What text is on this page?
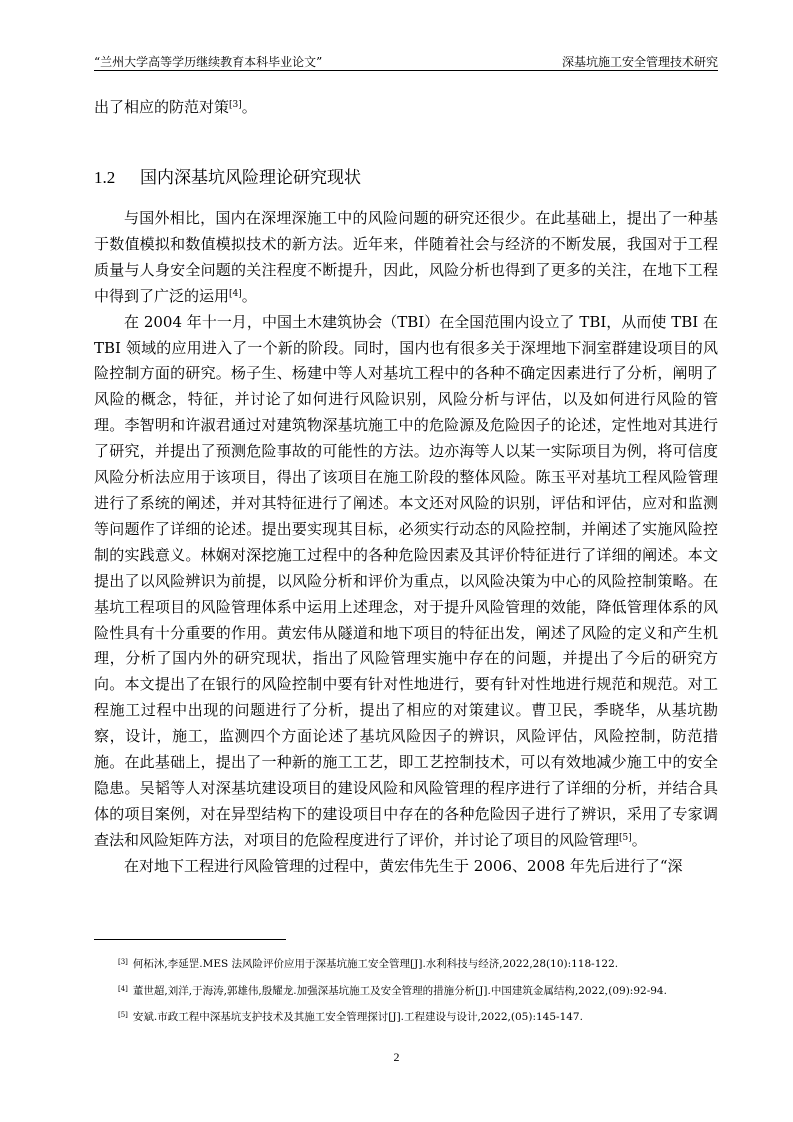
“兰州大学高等学历继续教育本科毕业论文”	深基坑施工安全管理技术研究

出了相应的防范对策[3]。

1.2 国内深基坑风险理论研究现状

与国外相比，国内在深埋深施工中的风险问题的研究还很少。在此基础上，提出了一种基于数值模拟和数值模拟技术的新方法。近年来，伴随着社会与经济的不断发展，我国对于工程质量与人身安全问题的关注程度不断提升，因此，风险分析也得到了更多的关注，在地下工程中得到了广泛的运用[4]。

在 2004 年十一月，中国土木建筑协会（TBI）在全国范围内设立了 TBI，从而使 TBI 在 TBI 领域的应用进入了一个新的阶段。同时，国内也有很多关于深埋地下洞室群建设项目的风险控制方面的研究。杨子生、杨建中等人对基坑工程中的各种不确定因素进行了分析，阐明了风险的概念，特征，并讨论了如何进行风险识别，风险分析与评估，以及如何进行风险的管理。李智明和许淑君通过对建筑物深基坑施工中的危险源及危险因子的论述，定性地对其进行了研究，并提出了预测危险事故的可能性的方法。边亦海等人以某一实际项目为例，将可信度风险分析法应用于该项目，得出了该项目在施工阶段的整体风险。陈玉平对基坑工程风险管理进行了系统的阐述，并对其特征进行了阐述。本文还对风险的识别，评估和评估，应对和监测等问题作了详细的论述。提出要实现其目标，必须实行动态的风险控制，并阐述了实施风险控制的实践意义。林娴对深挖施工过程中的各种危险因素及其评价特征进行了详细的阐述。本文提出了以风险辨识为前提，以风险分析和评价为重点，以风险决策为中心的风险控制策略。在基坑工程项目的风险管理体系中运用上述理念，对于提升风险管理的效能，降低管理体系的风险性具有十分重要的作用。黄宏伟从隧道和地下项目的特征出发，阐述了风险的定义和产生机理，分析了国内外的研究现状，指出了风险管理实施中存在的问题，并提出了今后的研究方向。本文提出了在银行的风险控制中要有针对性地进行，要有针对性地进行规范和规范。对工程施工过程中出现的问题进行了分析，提出了相应的对策建议。曹卫民，季晓华，从基坑勘察，设计，施工，监测四个方面论述了基坑风险因子的辨识，风险评估，风险控制，防范措施。在此基础上，提出了一种新的施工工艺，即工艺控制技术，可以有效地减少施工中的安全隐患。吴韬等人对深基坑建设项目的建设风险和风险管理的程序进行了详细的分析，并结合具体的项目案例，对在异型结构下的建设项目中存在的各种危险因子进行了辨识，采用了专家调查法和风险矩阵方法，对项目的危险程度进行了评价，并讨论了项目的风险管理[5]。

在对地下工程进行风险管理的过程中，黄宏伟先生于 2006、2008 年先后进行了“深

[3] 何柘沐,李延罡.MES 法风险评价应用于深基坑施工安全管理[J].水利科技与经济,2022,28(10):118-122.

[4] 董世超,刘洋,于海涛,郭雄伟,殷耀龙.加强深基坑施工及安全管理的措施分析[J].中国建筑金属结构,2022,(09):92-94.

[5] 安斌.市政工程中深基坑支护技术及其施工安全管理探讨[J].工程建设与设计,2022,(05):145-147.

2
